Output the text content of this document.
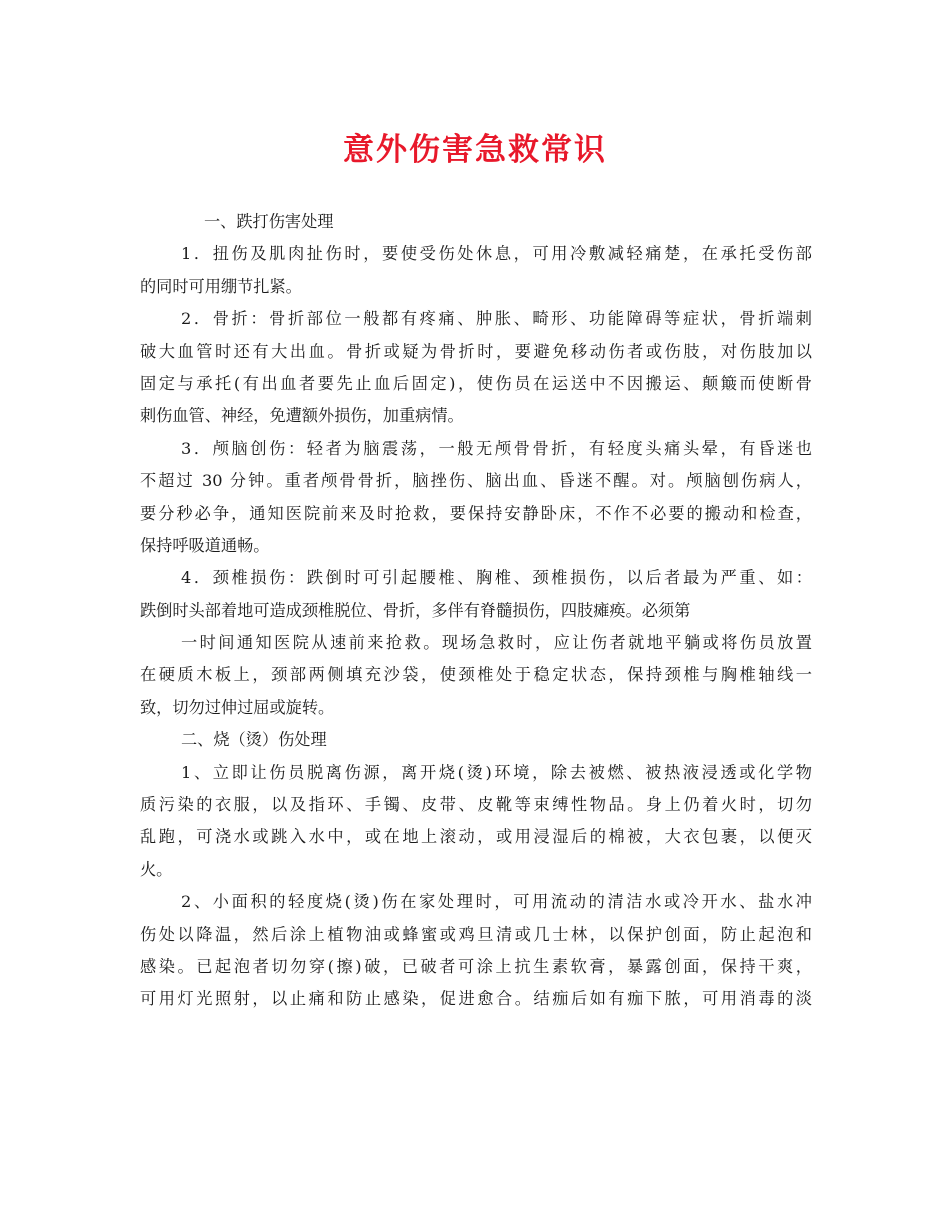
意外伤害急救常识
一、跌打伤害处理
1．扭伤及肌肉扯伤时，要使受伤处休息，可用冷敷减轻痛楚，在承托受伤部
的同时可用绷节扎紧。
2．骨折：骨折部位一般都有疼痛、肿胀、畸形、功能障碍等症状，骨折端刺
破大血管时还有大出血。骨折或疑为骨折时，要避免移动伤者或伤肢，对伤肢加以
固定与承托(有出血者要先止血后固定)，使伤员在运送中不因搬运、颠簸而使断骨
刺伤血管、神经，免遭额外损伤，加重病情。
3．颅脑创伤：轻者为脑震荡，一般无颅骨骨折，有轻度头痛头晕，有昏迷也
不超过 30 分钟。重者颅骨骨折，脑挫伤、脑出血、昏迷不醒。对。颅脑刨伤病人，
要分秒必争，通知医院前来及时抢救，要保持安静卧床，不作不必要的搬动和检查，
保持呼吸道通畅。
4．颈椎损伤：跌倒时可引起腰椎、胸椎、颈椎损伤，以后者最为严重、如：
跌倒时头部着地可造成颈椎脱位、骨折，多伴有脊髓损伤，四肢瘫痪。必须第
一时间通知医院从速前来抢救。现场急救时，应让伤者就地平躺或将伤员放置
在硬质木板上，颈部两侧填充沙袋，使颈椎处于稳定状态，保持颈椎与胸椎轴线一
致，切勿过伸过屈或旋转。
二、烧（烫）伤处理
1、立即让伤员脱离伤源，离开烧(烫)环境，除去被燃、被热液浸透或化学物
质污染的衣服，以及指环、手镯、皮带、皮靴等束缚性物品。身上仍着火时，切勿
乱跑，可浇水或跳入水中，或在地上滚动，或用浸湿后的棉被，大衣包裹，以便灭
火。
2、小面积的轻度烧(烫)伤在家处理时，可用流动的清洁水或冷开水、盐水冲
伤处以降温，然后涂上植物油或蜂蜜或鸡旦清或几士林，以保护创面，防止起泡和
感染。已起泡者切勿穿(擦)破，已破者可涂上抗生素软膏，暴露创面，保持干爽，
可用灯光照射，以止痛和防止感染，促进愈合。结痂后如有痂下脓，可用消毒的淡
